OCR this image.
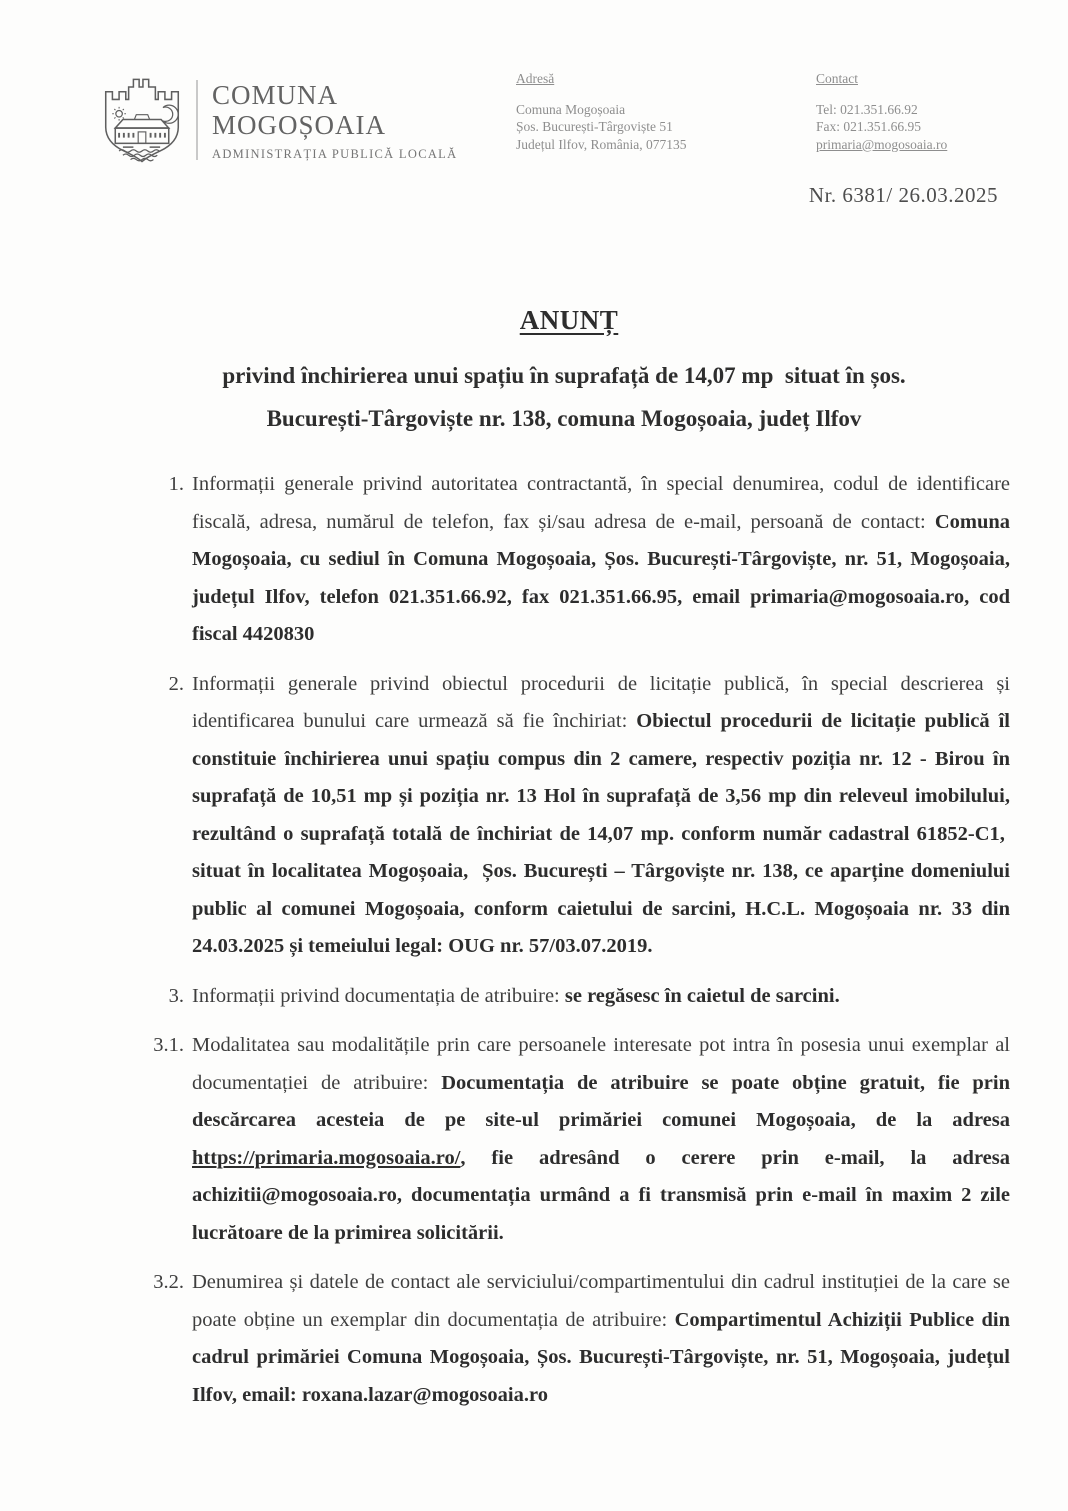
COMUNA
MOGOȘOAIA
ADMINISTRAȚIA PUBLICĂ LOCALĂ
Adresă
Comuna Mogoșoaia
Șos. București-Târgoviște 51
Județul Ilfov, România, 077135
Contact
Tel: 021.351.66.92
Fax: 021.351.66.95
primaria@mogosoaia.ro
Nr. 6381/ 26.03.2025
ANUNȚ
privind închirierea unui spațiu în suprafață de 14,07 mp  situat în șos.
București-Târgoviște nr. 138, comuna Mogoșoaia, județ Ilfov

1. Informații generale privind autoritatea contractantă, în special denumirea, codul de identificare fiscală, adresa, numărul de telefon, fax și/sau adresa de e-mail, persoană de contact: Comuna Mogoșoaia, cu sediul în Comuna Mogoșoaia, Șos. București-Târgoviște, nr. 51, Mogoșoaia, județul Ilfov, telefon 021.351.66.92, fax 021.351.66.95, email primaria@mogosoaia.ro, cod fiscal 4420830

2. Informații generale privind obiectul procedurii de licitație publică, în special descrierea și identificarea bunului care urmează să fie închiriat: Obiectul procedurii de licitație publică îl constituie închirierea unui spațiu compus din 2 camere, respectiv poziția nr. 12 - Birou în suprafață de 10,51 mp și poziția nr. 13 Hol în suprafață de 3,56 mp din releveul imobilului, rezultând o suprafață totală de închiriat de 14,07 mp. conform număr cadastral 61852-C1,  situat în localitatea Mogoșoaia,  Șos. București – Târgoviște nr. 138, ce aparține domeniului public al comunei Mogoșoaia, conform caietului de sarcini, H.C.L. Mogoșoaia nr. 33 din 24.03.2025 și temeiului legal: OUG nr. 57/03.07.2019.

3. Informații privind documentația de atribuire: se regăsesc în caietul de sarcini.

3.1. Modalitatea sau modalitățile prin care persoanele interesate pot intra în posesia unui exemplar al documentației de atribuire: Documentația de atribuire se poate obține gratuit, fie prin descărcarea acesteia de pe site-ul primăriei comunei Mogoșoaia, de la adresa https://primaria.mogosoaia.ro/, fie adresând o cerere prin e-mail, la adresa achizitii@mogosoaia.ro, documentația urmând a fi transmisă prin e-mail în maxim 2 zile lucrătoare de la primirea solicitării.

3.2. Denumirea și datele de contact ale serviciului/compartimentului din cadrul instituției de la care se poate obține un exemplar din documentația de atribuire: Compartimentul Achiziții Publice din cadrul primăriei Comuna Mogoșoaia, Șos. București-Târgoviște, nr. 51, Mogoșoaia, județul Ilfov, email: roxana.lazar@mogosoaia.ro
